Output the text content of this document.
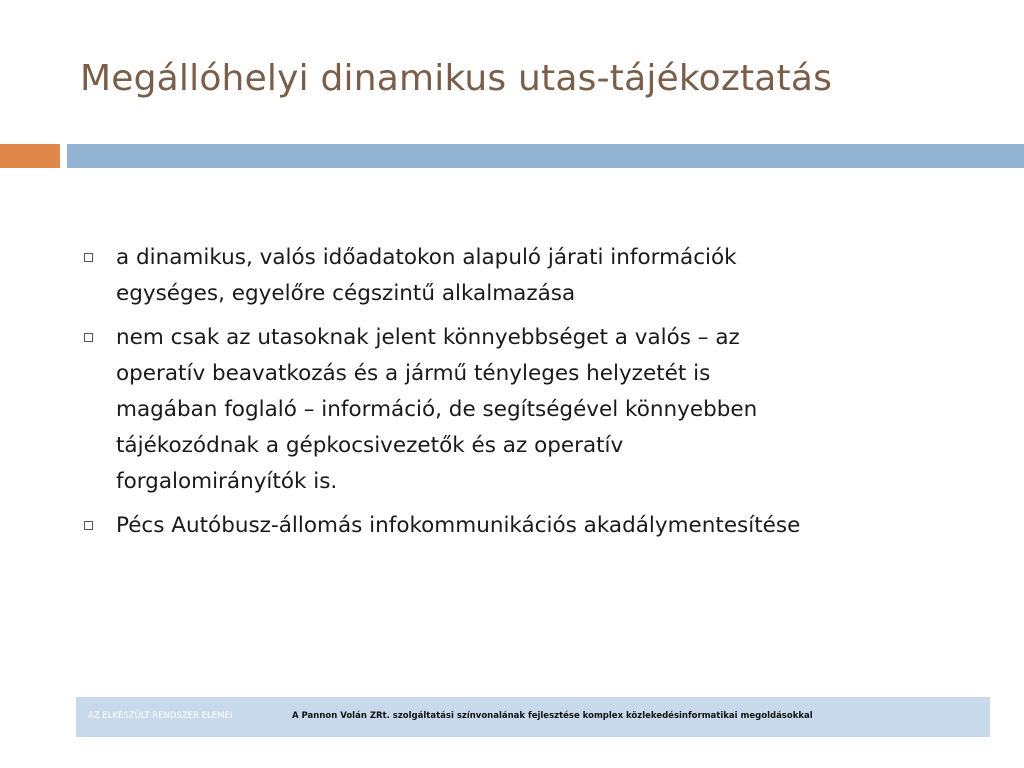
Megállóhelyi dinamikus utas-tájékoztatás
a dinamikus, valós időadatokon alapuló járati információk
egységes, egyelőre cégszintű alkalmazása
nem csak az utasoknak jelent könnyebbséget a valós – az
operatív beavatkozás és a jármű tényleges helyzetét is
magában foglaló – információ, de segítségével könnyebben
tájékozódnak a gépkocsivezetők és az operatív
forgalomirányítók is.
Pécs Autóbusz-állomás infokommunikációs akadálymentesítése
AZ ELKÉSZÜLT RENDSZER ELEMEI	A Pannon Volán ZRt. szolgáltatási színvonalának fejlesztése komplex közlekedésinformatikai megoldásokkal
